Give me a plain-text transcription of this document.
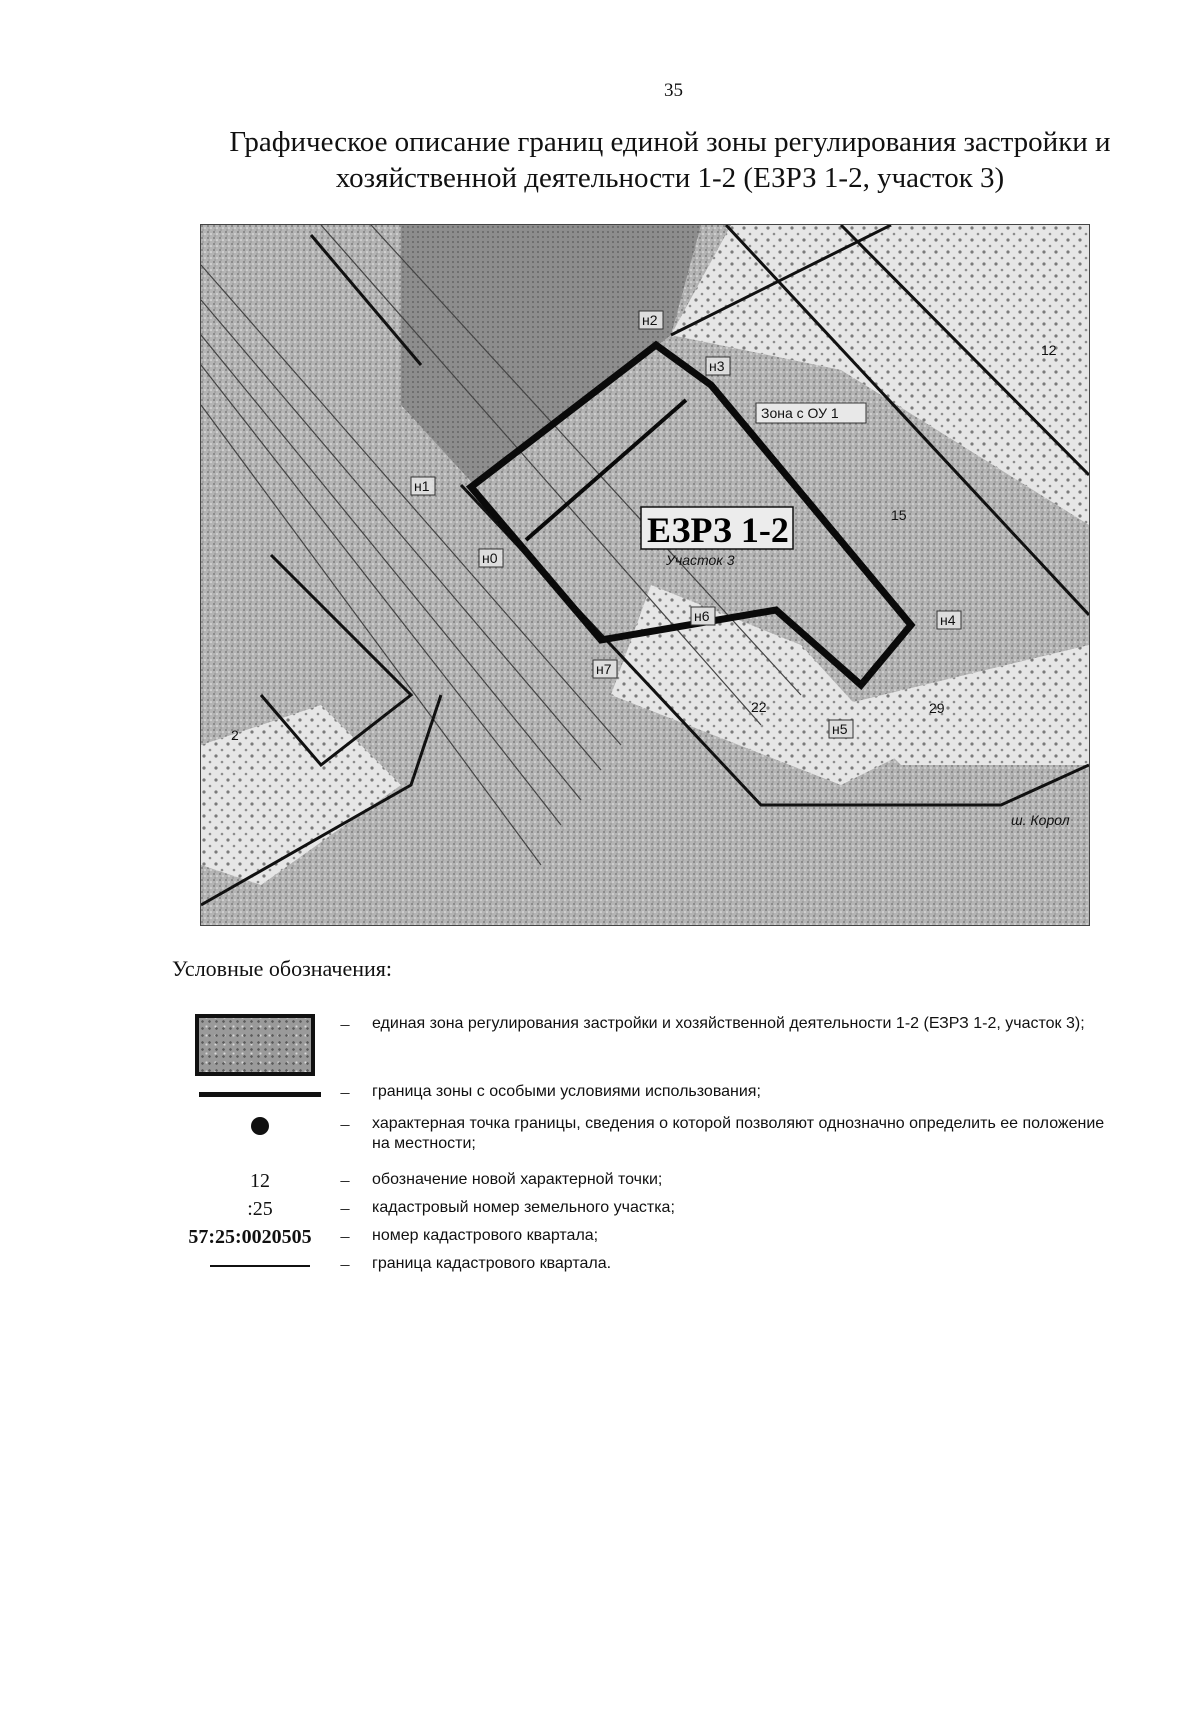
35
Графическое описание границ единой зоны регулирования застройки и хозяйственной деятельности 1-2 (ЕЗРЗ 1-2, участок 3)
н2
н3
н1
н0
н6
н7
н5
н4
Зона с ОУ 1
12
15
22	29
2
ш. Корол
ЕЗРЗ 1-2
Участок 3
Условные обозначения:
–	единая зона регулирования застройки и хозяйственной деятельности 1-2 (ЕЗРЗ 1-2, участок 3);
–	граница зоны с особыми условиями использования;
–	характерная точка границы, сведения о которой позволяют однозначно определить ее положение на местности;
12	–	обозначение новой характерной точки;
:25	–	кадастровый номер земельного участка;
57:25:0020505	–	номер кадастрового квартала;
–	граница кадастрового квартала.
